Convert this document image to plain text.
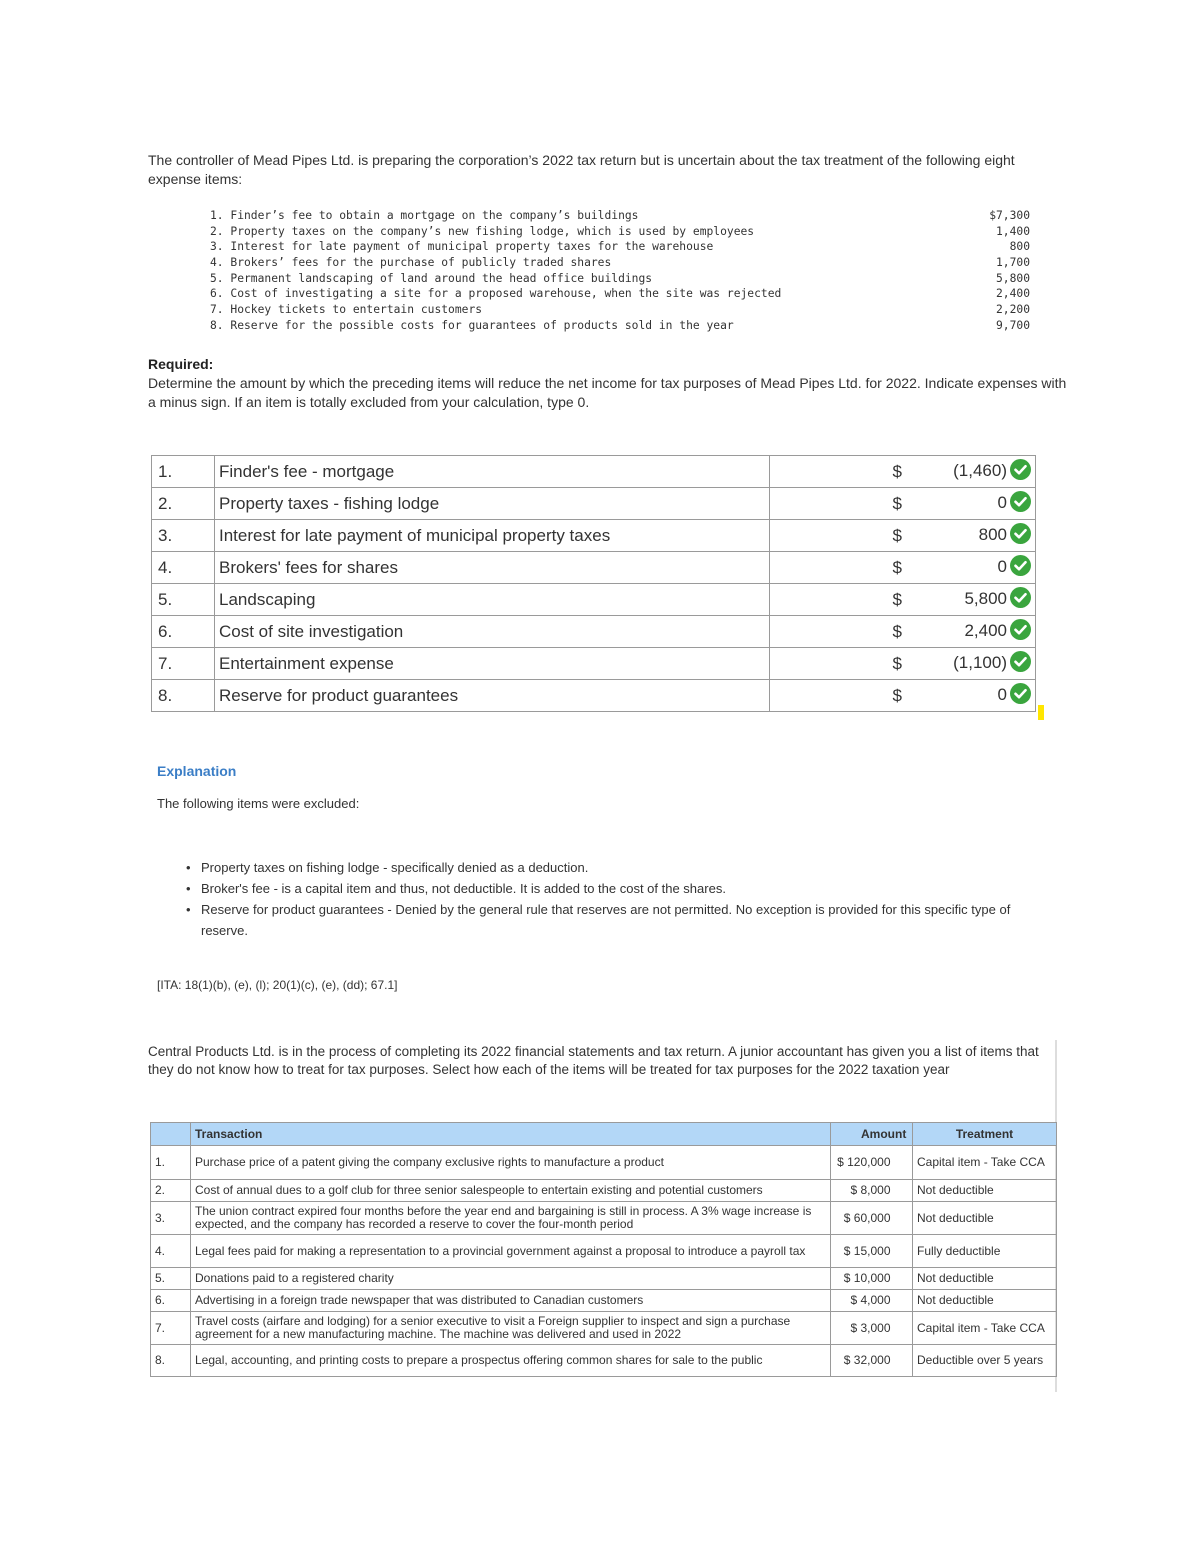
The controller of Mead Pipes Ltd. is preparing the corporation’s 2022 tax return but is uncertain about the tax treatment of the following eight expense items:
1. Finder’s fee to obtain a mortgage on the company’s buildings	$7,300
2. Property taxes on the company’s new fishing lodge, which is used by employees	1,400
3. Interest for late payment of municipal property taxes for the warehouse	800
4. Brokers’ fees for the purchase of publicly traded shares	1,700
5. Permanent landscaping of land around the head office buildings	5,800
6. Cost of investigating a site for a proposed warehouse, when the site was rejected	2,400
7. Hockey tickets to entertain customers	2,200
8. Reserve for the possible costs for guarantees of products sold in the year	9,700
Required:
Determine the amount by which the preceding items will reduce the net income for tax purposes of Mead Pipes Ltd. for 2022. Indicate expenses with a minus sign. If an item is totally excluded from your calculation, type 0.
1.	Finder's fee - mortgage	$	(1,460)

2.	Property taxes - fishing lodge	$	0

3.	Interest for late payment of municipal property taxes	$	800

4.	Brokers' fees for shares	$	0

5.	Landscaping	$	5,800

6.	Cost of site investigation	$	2,400

7.	Entertainment expense	$	(1,100)

8.	Reserve for product guarantees	$	0
Explanation
The following items were excluded:
• Property taxes on fishing lodge - specifically denied as a deduction.
• Broker's fee - is a capital item and thus, not deductible. It is added to the cost of the shares.
• Reserve for product guarantees - Denied by the general rule that reserves are not permitted. No exception is provided for this specific type of reserve.
[ITA: 18(1)(b), (e), (l); 20(1)(c), (e), (dd); 67.1]
Central Products Ltd. is in the process of completing its 2022 financial statements and tax return. A junior accountant has given you a list of items that they do not know how to treat for tax purposes. Select how each of the items will be treated for tax purposes for the 2022 taxation year
	Transaction	Amount		Treatment
1.	Purchase price of a patent giving the company exclusive rights to manufacture a product	$ 120,000		Capital item - Take CCA
2.	Cost of annual dues to a golf club for three senior salespeople to entertain existing and potential customers	$ 8,000		Not deductible
3.	The union contract expired four months before the year end and bargaining is still in process. A 3% wage increase is expected, and the company has recorded a reserve to cover the four-month period	$ 60,000		Not deductible
4.	Legal fees paid for making a representation to a provincial government against a proposal to introduce a payroll tax	$ 15,000		Fully deductible
5.	Donations paid to a registered charity	$ 10,000		Not deductible
6.	Advertising in a foreign trade newspaper that was distributed to Canadian customers	$ 4,000		Not deductible
7.	Travel costs (airfare and lodging) for a senior executive to visit a Foreign supplier to inspect and sign a purchase agreement for a new manufacturing machine. The machine was delivered and used in 2022	$ 3,000		Capital item - Take CCA
8.	Legal, accounting, and printing costs to prepare a prospectus offering common shares for sale to the public	$ 32,000		Deductible over 5 years
